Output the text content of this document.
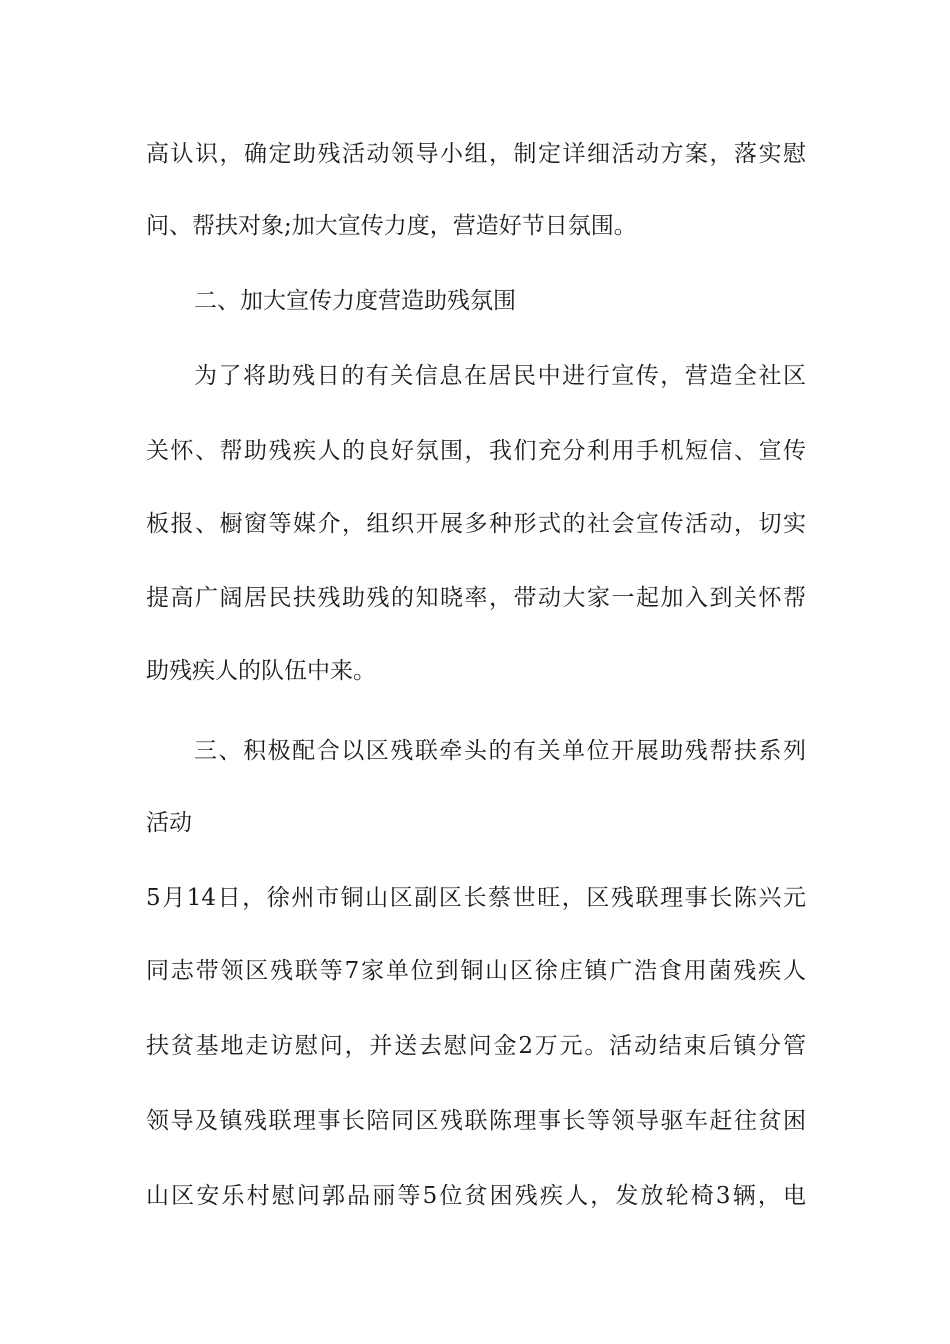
高认识，确定助残活动领导小组，制定详细活动方案，落实慰
问、帮扶对象;加大宣传力度，营造好节日氛围。
二、加大宣传力度营造助残氛围
为了将助残日的有关信息在居民中进行宣传，营造全社区
关怀、帮助残疾人的良好氛围，我们充分利用手机短信、宣传
板报、橱窗等媒介，组织开展多种形式的社会宣传活动，切实
提高广阔居民扶残助残的知晓率，带动大家一起加入到关怀帮
助残疾人的队伍中来。
三、积极配合以区残联牵头的有关单位开展助残帮扶系列
活动
5月14日，徐州市铜山区副区长蔡世旺，区残联理事长陈兴元
同志带领区残联等7家单位到铜山区徐庄镇广浩食用菌残疾人
扶贫基地走访慰问，并送去慰问金2万元。活动结束后镇分管
领导及镇残联理事长陪同区残联陈理事长等领导驱车赶往贫困
山区安乐村慰问郭品丽等5位贫困残疾人，发放轮椅3辆，电
